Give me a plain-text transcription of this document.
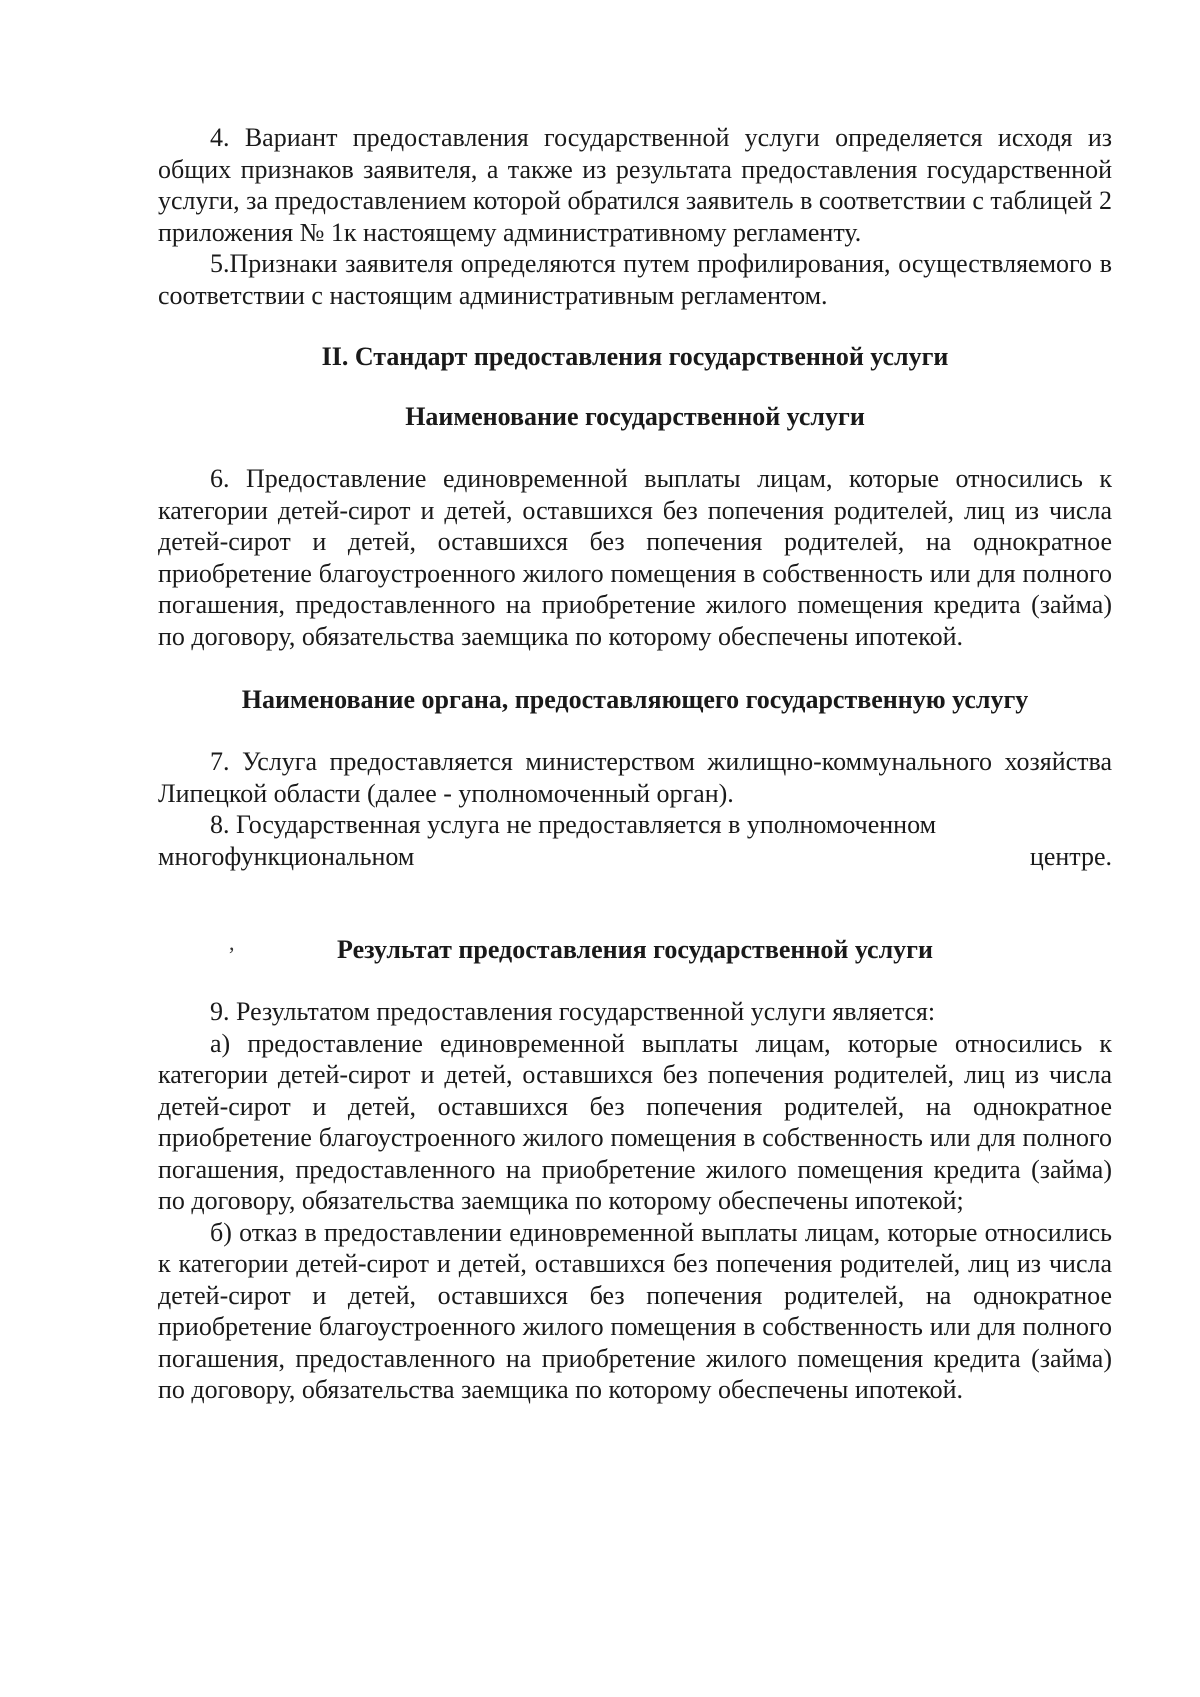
4. Вариант предоставления государственной услуги определяется исходя из общих признаков заявителя, а также из результата предоставления государственной услуги, за предоставлением которой обратился заявитель в соответствии с таблицей 2 приложения № 1к настоящему административному регламенту.

5.Признаки заявителя определяются путем профилирования, осуществляемого в соответствии с настоящим административным регламентом.

II. Стандарт предоставления государственной услуги
Наименование государственной услуги

6. Предоставление единовременной выплаты лицам, которые относились к категории детей-сирот и детей, оставшихся без попечения родителей, лиц из числа детей-сирот и детей, оставшихся без попечения родителей, на однократное приобретение благоустроенного жилого помещения в собственность или для полного погашения, предоставленного на приобретение жилого помещения кредита (займа) по договору, обязательства заемщика по которому обеспечены ипотекой.

Наименование органа, предоставляющего государственную услугу

7. Услуга предоставляется министерством жилищно-коммунального хозяйства Липецкой области (далее - уполномоченный орган).

8. Государственная услуга не предоставляется в уполномоченном

многофункциональном	центре.
Результат предоставления государственной услуги

9. Результатом предоставления государственной услуги является:

а) предоставление единовременной выплаты лицам, которые относились к категории детей-сирот и детей, оставшихся без попечения родителей, лиц из числа детей-сирот и детей, оставшихся без попечения родителей, на однократное приобретение благоустроенного жилого помещения в собственность или для полного погашения, предоставленного на приобретение жилого помещения кредита (займа) по договору, обязательства заемщика по которому обеспечены ипотекой;

б) отказ в предоставлении единовременной выплаты лицам, которые относились к категории детей-сирот и детей, оставшихся без попечения родителей, лиц из числа детей-сирот и детей, оставшихся без попечения родителей, на однократное приобретение благоустроенного жилого помещения в собственность или для полного погашения, предоставленного на приобретение жилого помещения кредита (займа) по договору, обязательства заемщика по которому обеспечены ипотекой.

,
